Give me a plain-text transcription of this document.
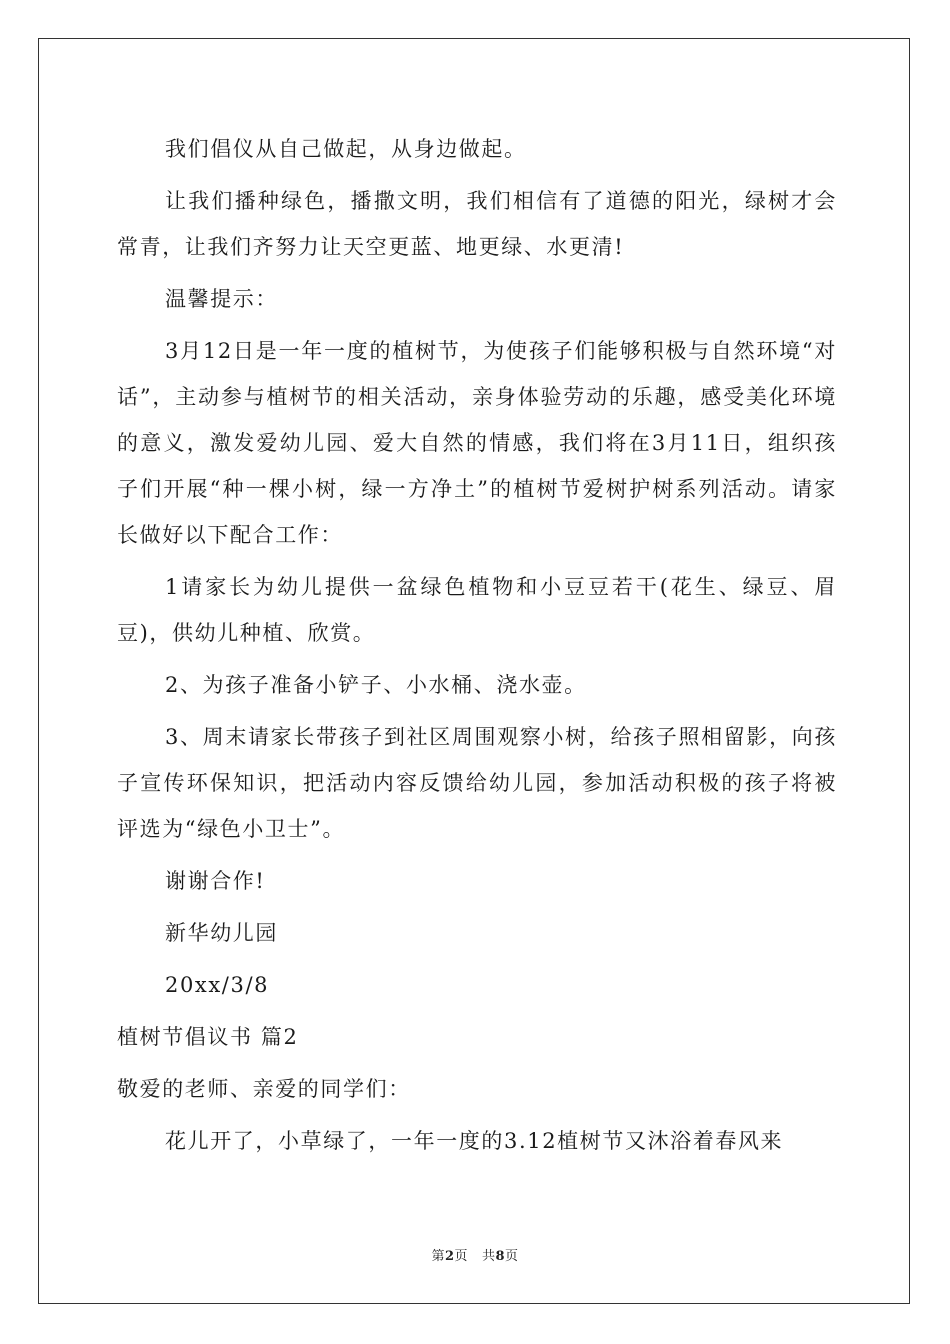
我们倡仪从自己做起，从身边做起。

让我们播种绿色，播撒文明，我们相信有了道德的阳光，绿树才会常青，让我们齐努力让天空更蓝、地更绿、水更清!

温馨提示：

3月12日是一年一度的植树节，为使孩子们能够积极与自然环境“对话”，主动参与植树节的相关活动，亲身体验劳动的乐趣，感受美化环境的意义，激发爱幼儿园、爱大自然的情感，我们将在3月11日，组织孩子们开展“种一棵小树，绿一方净土”的植树节爱树护树系列活动。请家长做好以下配合工作：

1请家长为幼儿提供一盆绿色植物和小豆豆若干(花生、绿豆、眉豆)，供幼儿种植、欣赏。

2、为孩子准备小铲子、小水桶、浇水壶。

3、周末请家长带孩子到社区周围观察小树，给孩子照相留影，向孩子宣传环保知识，把活动内容反馈给幼儿园，参加活动积极的孩子将被评选为“绿色小卫士”。

谢谢合作!

新华幼儿园

20xx/3/8

植树节倡议书 篇2

敬爱的老师、亲爱的同学们：

花儿开了，小草绿了，一年一度的3.12植树节又沐浴着春风来

第2页 共8页
